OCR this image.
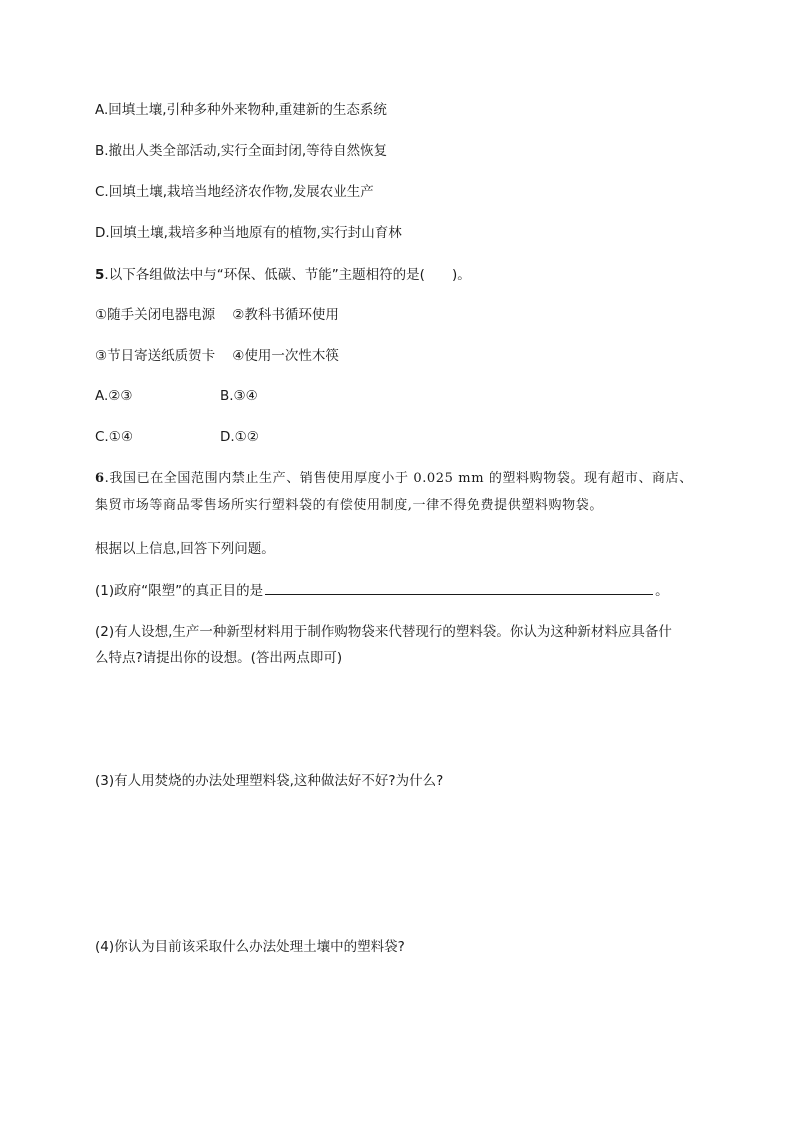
A.回填土壤,引种多种外来物种,重建新的生态系统
B.撤出人类全部活动,实行全面封闭,等待自然恢复
C.回填土壤,栽培当地经济农作物,发展农业生产
D.回填土壤,栽培多种当地原有的植物,实行封山育林
5.以下各组做法中与“环保、低碳、节能”主题相符的是(　　)。
①随手关闭电器电源 ②教科书循环使用
③节日寄送纸质贺卡 ④使用一次性木筷
A.②③	B.③④
C.①④	D.①②
6.我国已在全国范围内禁止生产、销售使用厚度小于 0.025 mm 的塑料购物袋。现有超市、商店、
集贸市场等商品零售场所实行塑料袋的有偿使用制度,一律不得免费提供塑料购物袋。
根据以上信息,回答下列问题。
(1)政府“限塑”的真正目的是	。
(2)有人设想,生产一种新型材料用于制作购物袋来代替现行的塑料袋。你认为这种新材料应具备什
么特点?请提出你的设想。(答出两点即可)
(3)有人用焚烧的办法处理塑料袋,这种做法好不好?为什么?
(4)你认为目前该采取什么办法处理土壤中的塑料袋?
